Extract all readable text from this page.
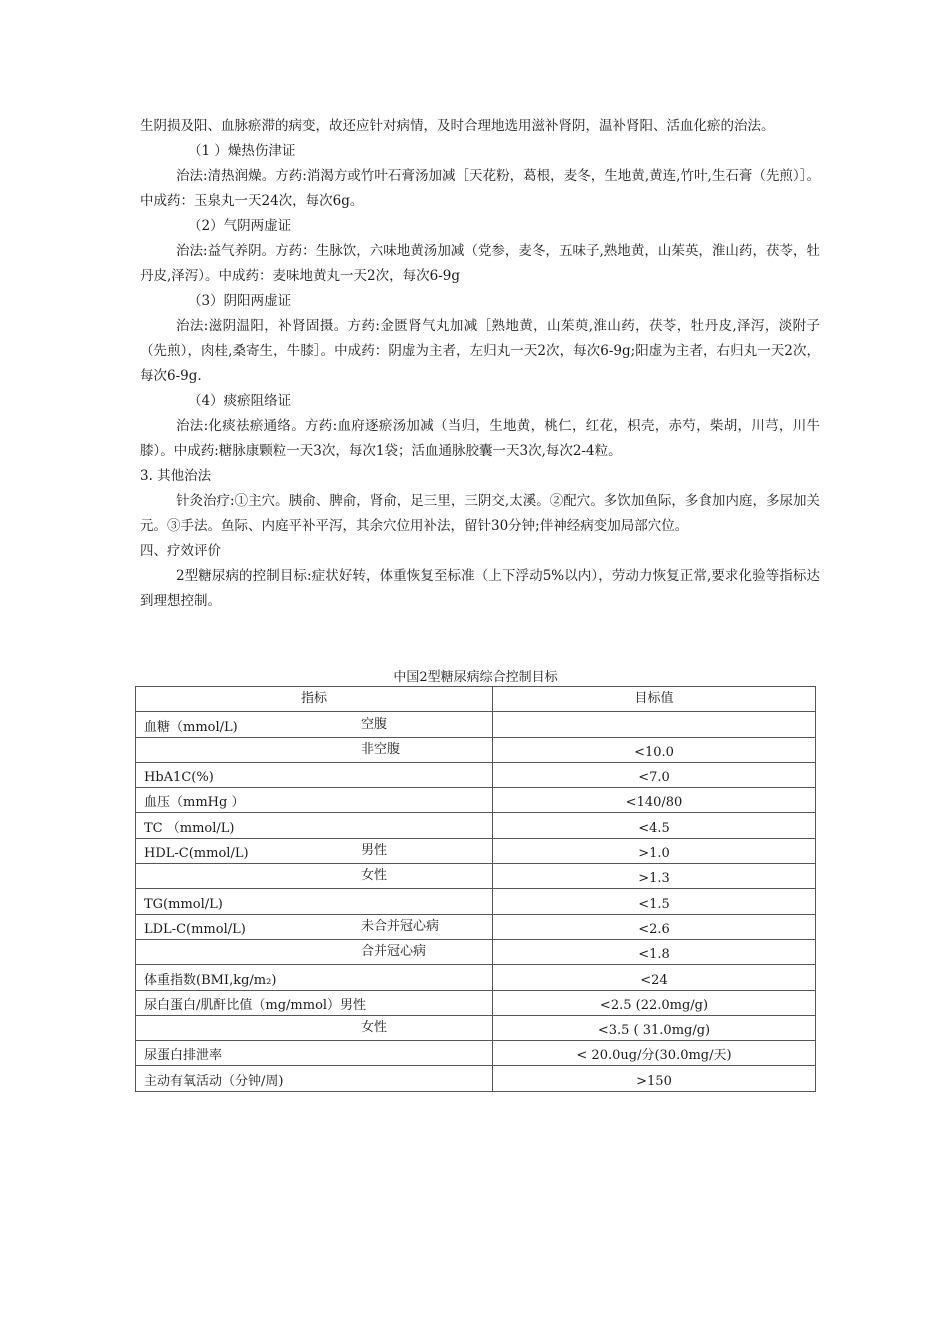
生阴损及阳、血脉瘀滞的病变，故还应针对病情，及时合理地选用滋补肾阴，温补肾阳、活血化瘀的治法。

（1 ）燥热伤津证

治法:清热润燥。方药:消渴方或竹叶石膏汤加减［天花粉，葛根，麦冬，生地黄,黄连,竹叶,生石膏（先煎）］。中成药：玉泉丸一天24次，每次6g。

（2）气阴两虚证

治法:益气养阴。方药：生脉饮，六味地黄汤加减（党参，麦冬，五味子,熟地黄，山茱英，淮山药，茯苓，牡丹皮,泽泻）。中成药：麦味地黄丸一天2次，每次6-9g

（3）阴阳两虚证

治法:滋阴温阳，补肾固摄。方药:金匮肾气丸加减［熟地黄，山茱萸,淮山药，茯苓，牡丹皮,泽泻，淡附子（先煎），肉桂,桑寄生，牛膝］。中成药：阴虚为主者，左归丸一天2次，每次6-9g;阳虚为主者，右归丸一天2次，每次6-9g.

（4）痰瘀阻络证

治法:化痰祛瘀通络。方药:血府逐瘀汤加减（当归，生地黄，桃仁，红花，枳壳，赤芍，柴胡，川芎，川牛膝）。中成药:糖脉康颗粒一天3次，每次1袋；活血通脉胶囊一天3次,每次2-4粒。

3. 其他治法

针灸治疗:①主穴。胰俞、脾俞，肾俞，足三里，三阴交,太溪。②配穴。多饮加鱼际，多食加内庭，多尿加关元。③手法。鱼际、内庭平补平泻，其余穴位用补法，留针30分钟;伴神经病变加局部穴位。

四、疗效评价

2型糖尿病的控制目标:症状好转，体重恢复至标准（上下浮动5%以内），劳动力恢复正常,要求化验等指标达到理想控制。

中国2型糖尿病综合控制目标
指标	目标值
血糖（mmol/L) 空腹	

非空腹	<10.0
HbA1C(%)	<7.0
血压（mmHg ）	<140/80
TC （mmol/L)	<4.5
HDL-C(mmol/L) 男性	>1.0

女性	>1.3
TG(mmol/L)	<1.5
LDL-C(mmol/L) 未合并冠心病	<2.6

合并冠心病	<1.8
体重指数(BMI,kg/m₂)	<24
尿白蛋白/肌酐比值（mg/mmol）男性	<2.5 (22.0mg/g)

女性	<3.5 ( 31.0mg/g)
尿蛋白排泄率	< 20.0ug/分(30.0mg/天)
主动有氧活动（分钟/周)	>150
